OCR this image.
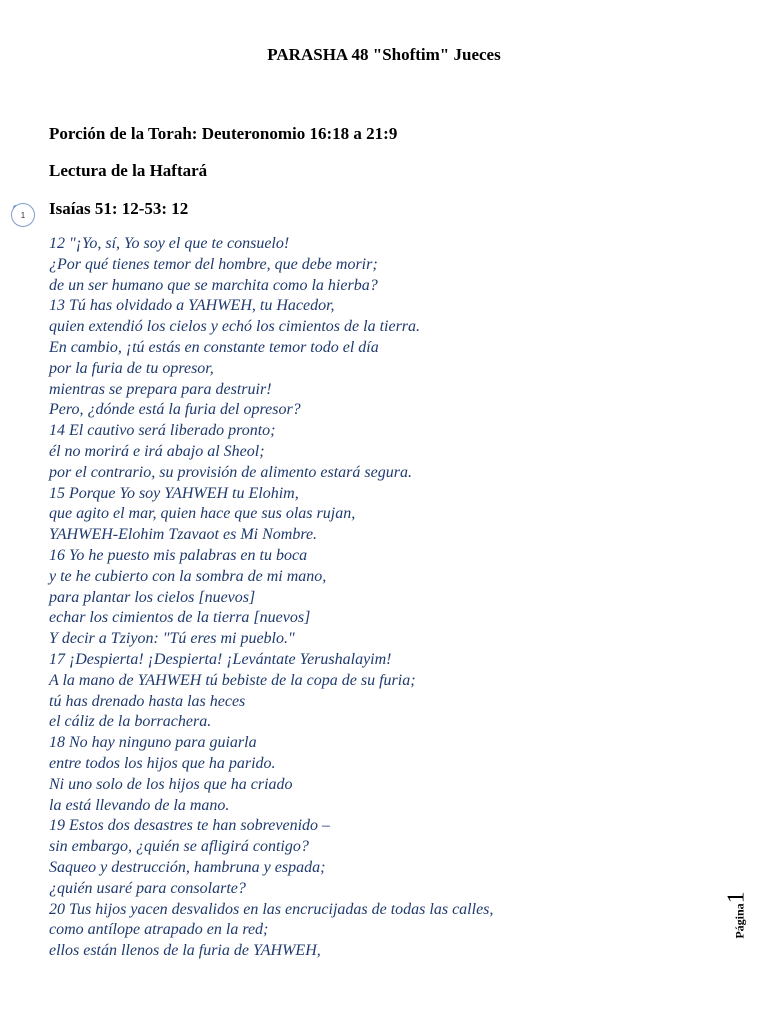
PARASHA 48 "Shoftim" Jueces
Porción de la Torah: Deuteronomio 16:18 a 21:9
Lectura de la Haftará
1	Isaías 51: 12-53: 12
12 "¡Yo, sí, Yo soy el que te consuelo!
¿Por qué tienes temor del hombre, que debe morir;
de un ser humano que se marchita como la hierba?
13 Tú has olvidado a YAHWEH, tu Hacedor,
quien extendió los cielos y echó los cimientos de la tierra.
En cambio, ¡tú estás en constante temor todo el día
por la furia de tu opresor,
mientras se prepara para destruir!
Pero, ¿dónde está la furia del opresor?
14 El cautivo será liberado pronto;
él no morirá e irá abajo al Sheol;
por el contrario, su provisión de alimento estará segura.
15 Porque Yo soy YAHWEH tu Elohim,
que agito el mar, quien hace que sus olas rujan,
YAHWEH-Elohim Tzavaot es Mi Nombre.
16 Yo he puesto mis palabras en tu boca
y te he cubierto con la sombra de mi mano,
para plantar los cielos [nuevos]
echar los cimientos de la tierra [nuevos]
Y decir a Tziyon: "Tú eres mi pueblo."
17 ¡Despierta! ¡Despierta! ¡Levántate Yerushalayim!
A la mano de YAHWEH tú bebiste de la copa de su furia;
tú has drenado hasta las heces
el cáliz de la borrachera.
18 No hay ninguno para guiarla
entre todos los hijos que ha parido.
Ni uno solo de los hijos que ha criado
la está llevando de la mano.
19 Estos dos desastres te han sobrevenido –
sin embargo, ¿quién se afligirá contigo?
Saqueo y destrucción, hambruna y espada;
¿quién usaré para consolarte?
20 Tus hijos yacen desvalidos en las encrucijadas de todas las calles,
como antílope atrapado en la red;
ellos están llenos de la furia de YAHWEH,
Página1
